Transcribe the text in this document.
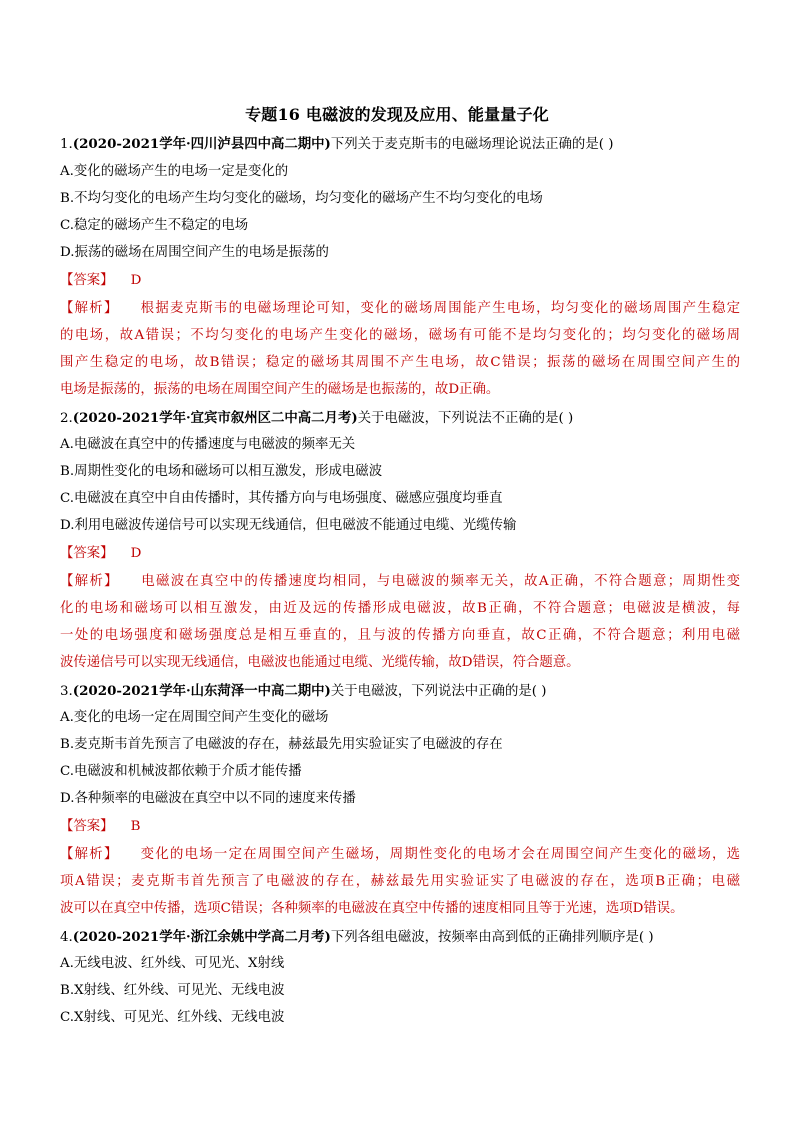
专题16 电磁波的发现及应用、能量量子化
1.(2020-2021学年·四川泸县四中高二期中)下列关于麦克斯韦的电磁场理论说法正确的是( )
A.变化的磁场产生的电场一定是变化的
B.不均匀变化的电场产生均匀变化的磁场，均匀变化的磁场产生不均匀变化的电场
C.稳定的磁场产生不稳定的电场
D.振荡的磁场在周围空间产生的电场是振荡的
【答案】 D
【解析】 根据麦克斯韦的电磁场理论可知，变化的磁场周围能产生电场，均匀变化的磁场周围产生稳定
的电场，故A错误；不均匀变化的电场产生变化的磁场，磁场有可能不是均匀变化的；均匀变化的磁场周
围产生稳定的电场，故B错误；稳定的磁场其周围不产生电场，故C错误；振荡的磁场在周围空间产生的
电场是振荡的，振荡的电场在周围空间产生的磁场是也振荡的，故D正确。
2.(2020-2021学年·宜宾市叙州区二中高二月考)关于电磁波，下列说法不正确的是( )
A.电磁波在真空中的传播速度与电磁波的频率无关
B.周期性变化的电场和磁场可以相互激发，形成电磁波
C.电磁波在真空中自由传播时，其传播方向与电场强度、磁感应强度均垂直
D.利用电磁波传递信号可以实现无线通信，但电磁波不能通过电缆、光缆传输
【答案】 D
【解析】 电磁波在真空中的传播速度均相同，与电磁波的频率无关，故A正确，不符合题意；周期性变
化的电场和磁场可以相互激发，由近及远的传播形成电磁波，故B正确，不符合题意；电磁波是横波，每
一处的电场强度和磁场强度总是相互垂直的，且与波的传播方向垂直，故C正确，不符合题意；利用电磁
波传递信号可以实现无线通信，电磁波也能通过电缆、光缆传输，故D错误，符合题意。
3.(2020-2021学年·山东菏泽一中高二期中)关于电磁波，下列说法中正确的是( )
A.变化的电场一定在周围空间产生变化的磁场
B.麦克斯韦首先预言了电磁波的存在，赫兹最先用实验证实了电磁波的存在
C.电磁波和机械波都依赖于介质才能传播
D.各种频率的电磁波在真空中以不同的速度来传播
【答案】 B
【解析】 变化的电场一定在周围空间产生磁场，周期性变化的电场才会在周围空间产生变化的磁场，选
项A错误；麦克斯韦首先预言了电磁波的存在，赫兹最先用实验证实了电磁波的存在，选项B正确；电磁
波可以在真空中传播，选项C错误；各种频率的电磁波在真空中传播的速度相同且等于光速，选项D错误。
4.(2020-2021学年·浙江余姚中学高二月考)下列各组电磁波，按频率由高到低的正确排列顺序是( )
A.无线电波、红外线、可见光、X射线
B.X射线、红外线、可见光、无线电波
C.X射线、可见光、红外线、无线电波
